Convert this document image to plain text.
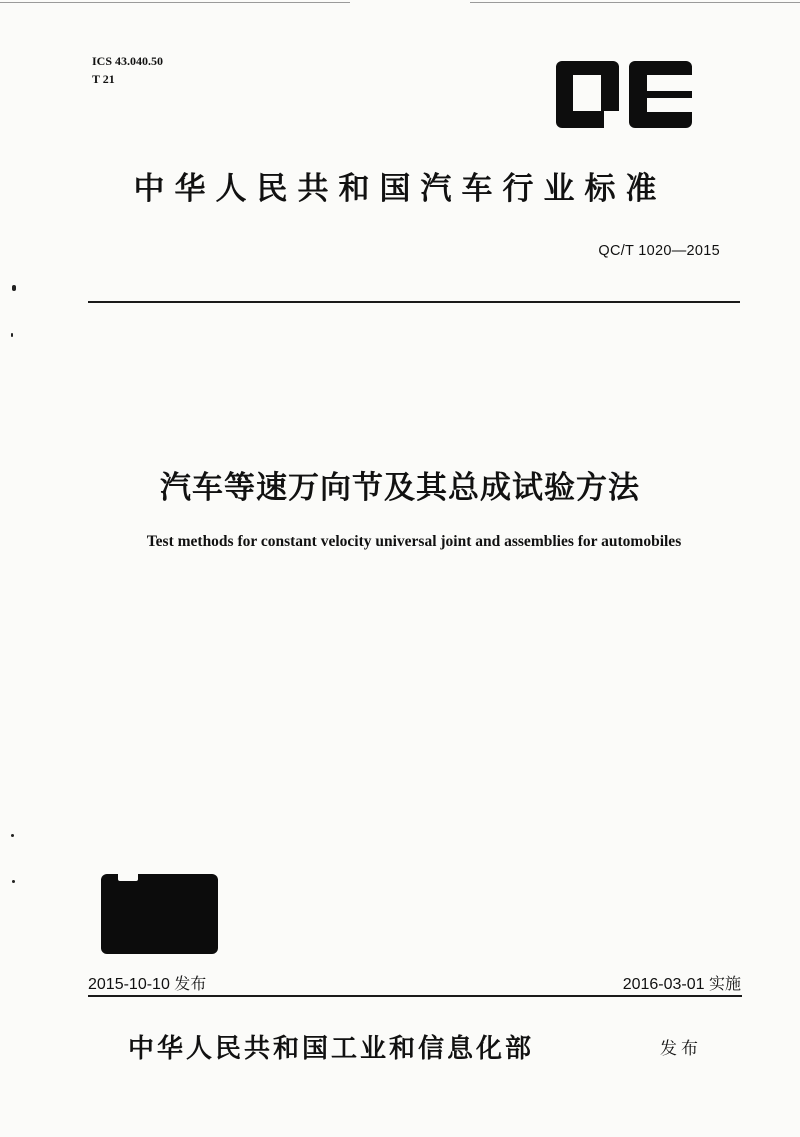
ICS 43.040.50
T 21
QC
中华人民共和国汽车行业标准
QC/T 1020—2015
汽车等速万向节及其总成试验方法
Test methods for constant velocity universal joint and assemblies for automobiles
2015-10-10 发布	2016-03-01 实施
中华人民共和国工业和信息化部	发布
